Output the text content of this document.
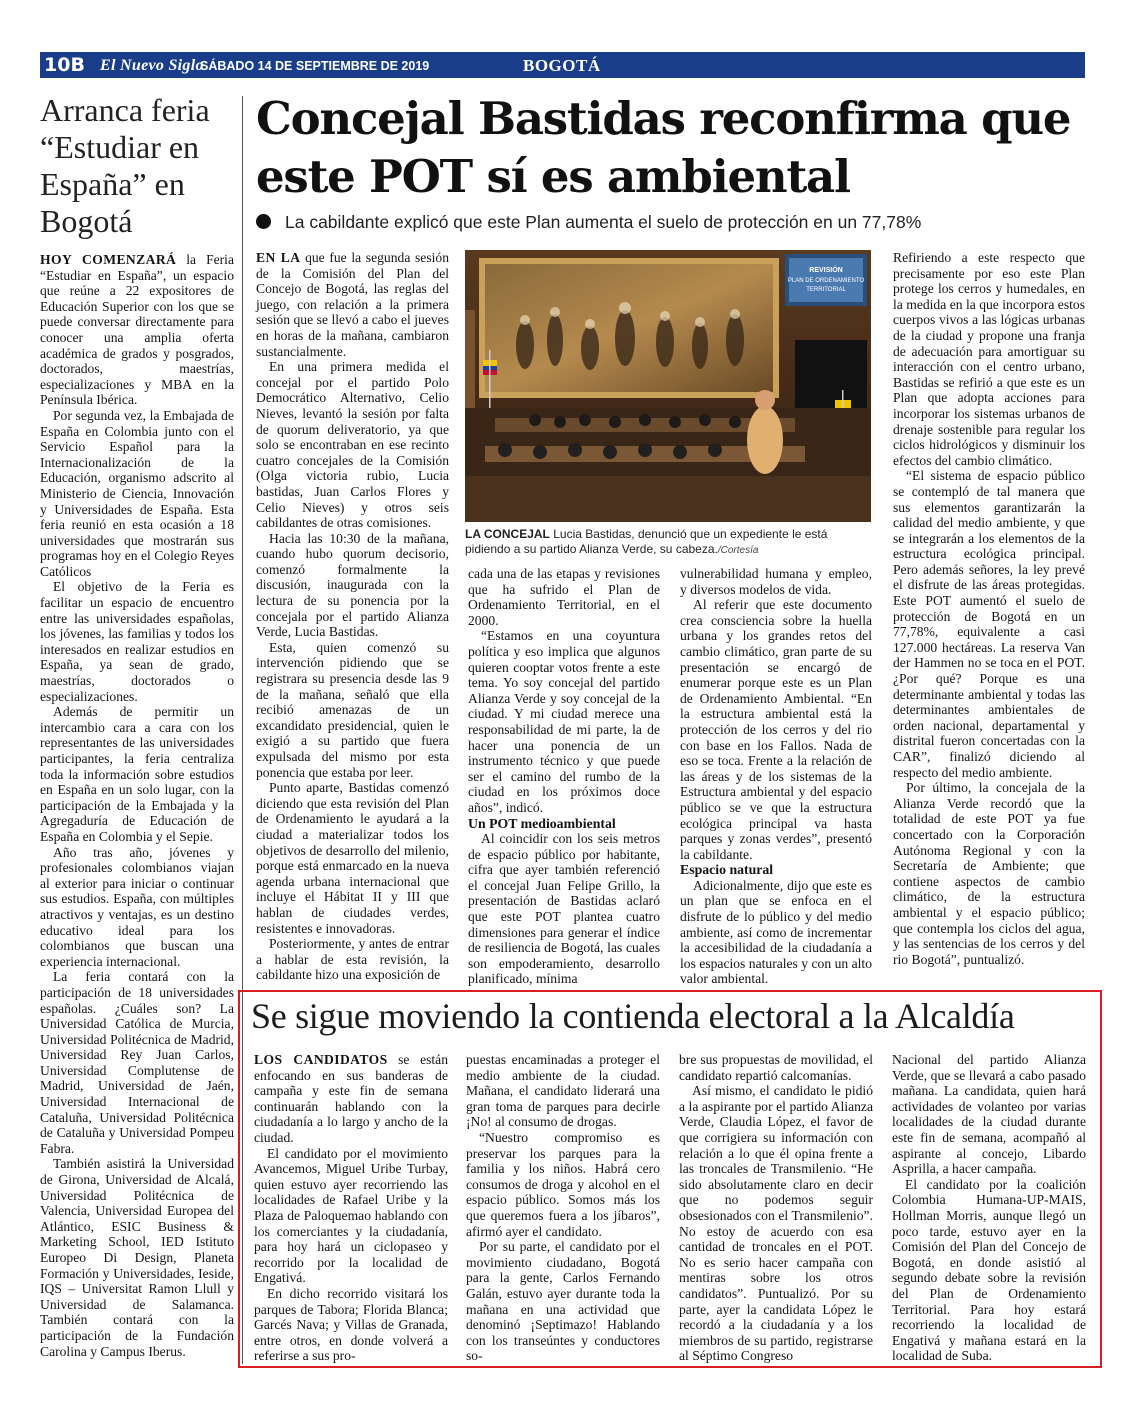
10B El Nuevo Siglo
SÁBADO 14 DE SEPTIEMBRE DE 2019	BOGOTÁ
Arranca feria “Estudiar en España” en Bogotá

HOY COMENZARÁ la Feria “Estudiar en España”, un espacio que reúne a 22 expositores de Educación Superior con los que se puede conversar directamente para conocer una amplia oferta académica de grados y posgrados, doctorados, maestrías, especializaciones y MBA en la Península Ibérica.

Por segunda vez, la Embajada de España en Colombia junto con el Servicio Español para la Internacionalización de la Educación, organismo adscrito al Ministerio de Ciencia, Innovación y Universidades de España. Esta feria reunió en esta ocasión a 18 universidades que mostrarán sus programas hoy en el Colegio Reyes Católicos

El objetivo de la Feria es facilitar un espacio de encuentro entre las universidades españolas, los jóvenes, las familias y todos los interesados en realizar estudios en España, ya sean de grado, maestrías, doctorados o especializaciones.

Además de permitir un intercambio cara a cara con los representantes de las universidades participantes, la feria centraliza toda la información sobre estudios en España en un solo lugar, con la participación de la Embajada y la Agregaduría de Educación de España en Colombia y el Sepie.

Año tras año, jóvenes y profesionales colombianos viajan al exterior para iniciar o continuar sus estudios. España, con múltiples atractivos y ventajas, es un destino educativo ideal para los colombianos que buscan una experiencia internacional.

La feria contará con la participación de 18 universidades españolas. ¿Cuáles son? La Universidad Católica de Murcia, Universidad Politécnica de Madrid, Universidad Rey Juan Carlos, Universidad Complutense de Madrid, Universidad de Jaén, Universidad Internacional de Cataluña, Universidad Politécnica de Cataluña y Universidad Pompeu Fabra.

También asistirá la Universidad de Girona, Universidad de Alcalá, Universidad Politécnica de Valencia, Universidad Europea del Atlántico, ESIC Business & Marketing School, IED Istituto Europeo Di Design, Planeta Formación y Universidades, Ieside, IQS – Universitat Ramon Llull y Universidad de Salamanca. También contará con la participación de la Fundación Carolina y Campus Iberus.

Concejal Bastidas reconfirma que este POT sí es ambiental
La cabildante explicó que este Plan aumenta el suelo de protección en un 77,78%

EN LA que fue la segunda sesión de la Comisión del Plan del Concejo de Bogotá, las reglas del juego, con relación a la primera sesión que se llevó a cabo el jueves en horas de la mañana, cambiaron sustancialmente.

En una primera medida el concejal por el partido Polo Democrático Alternativo, Celio Nieves, levantó la sesión por falta de quorum deliveratorio, ya que solo se encontraban en ese recinto cuatro concejales de la Comisión (Olga victoria rubio, Lucia bastidas, Juan Carlos Flores y Celio Nieves) y otros seis cabildantes de otras comisiones.

Hacia las 10:30 de la mañana, cuando hubo quorum decisorio, comenzó formalmente la discusión, inaugurada con la lectura de su ponencia por la concejala por el partido Alianza Verde, Lucia Bastidas.

Esta, quien comenzó su intervención pidiendo que se registrara su presencia desde las 9 de la mañana, señaló que ella recibió amenazas de un excandidato presidencial, quien le exigió a su partido que fuera expulsada del mismo por esta ponencia que estaba por leer.

Punto aparte, Bastidas comenzó diciendo que esta revisión del Plan de Ordenamiento le ayudará a la ciudad a materializar todos los objetivos de desarrollo del milenio, porque está enmarcado en la nueva agenda urbana internacional que incluye el Hábitat II y III que hablan de ciudades verdes, resistentes e innovadoras.

Posteriormente, y antes de entrar a hablar de esta revisión, la cabildante hizo una exposición de

REVISIÓN
PLAN DE ORDENAMIENTO
TERRITORIAL
LA CONCEJAL Lucia Bastidas, denunció que un expediente le está pidiendo a su partido Alianza Verde, su cabeza./Cortesía

cada una de las etapas y revisiones que ha sufrido el Plan de Ordenamiento Territorial, en el 2000.

“Estamos en una coyuntura política y eso implica que algunos quieren cooptar votos frente a este tema. Yo soy concejal del partido Alianza Verde y soy concejal de la ciudad. Y mi ciudad merece una responsabilidad de mi parte, la de hacer una ponencia de un instrumento técnico y que puede ser el camino del rumbo de la ciudad en los próximos doce años”, indicó.

Un POT medioambiental

Al coincidir con los seis metros de espacio público por habitante, cifra que ayer también referenció el concejal Juan Felipe Grillo, la presentación de Bastidas aclaró que este POT plantea cuatro dimensiones para generar el índice de resiliencia de Bogotá, las cuales son empoderamiento, desarrollo planificado, mínima

vulnerabilidad humana y empleo, y diversos modelos de vida.

Al referir que este documento crea consciencia sobre la huella urbana y los grandes retos del cambio climático, gran parte de su presentación se encargó de enumerar porque este es un Plan de Ordenamiento Ambiental. “En la estructura ambiental está la protección de los cerros y del rio con base en los Fallos. Nada de eso se toca. Frente a la relación de las áreas y de los sistemas de la Estructura ambiental y del espacio público se ve que la estructura ecológica principal va hasta parques y zonas verdes”, presentó la cabildante.

Espacio natural

Adicionalmente, dijo que este es un plan que se enfoca en el disfrute de lo público y del medio ambiente, así como de incrementar la accesibilidad de la ciudadanía a los espacios naturales y con un alto valor ambiental.

Refiriendo a este respecto que precisamente por eso este Plan protege los cerros y humedales, en la medida en la que incorpora estos cuerpos vivos a las lógicas urbanas de la ciudad y propone una franja de adecuación para amortiguar su interacción con el centro urbano, Bastidas se refirió a que este es un Plan que adopta acciones para incorporar los sistemas urbanos de drenaje sostenible para regular los ciclos hidrológicos y disminuir los efectos del cambio climático.

“El sistema de espacio público se contempló de tal manera que sus elementos garantizarán la calidad del medio ambiente, y que se integrarán a los elementos de la estructura ecológica principal. Pero además señores, la ley prevé el disfrute de las áreas protegidas. Este POT aumentó el suelo de protección de Bogotá en un 77,78%, equivalente a casi 127.000 hectáreas. La reserva Van der Hammen no se toca en el POT. ¿Por qué? Porque es una determinante ambiental y todas las determinantes ambientales de orden nacional, departamental y distrital fueron concertadas con la CAR”, finalizó diciendo al respecto del medio ambiente.

Por último, la concejala de la Alianza Verde recordó que la totalidad de este POT ya fue concertado con la Corporación Autónoma Regional y con la Secretaría de Ambiente; que contiene aspectos de cambio climático, de la estructura ambiental y el espacio público; que contempla los ciclos del agua, y las sentencias de los cerros y del rio Bogotá”, puntualizó.

Se sigue moviendo la contienda electoral a la Alcaldía

LOS CANDIDATOS se están enfocando en sus banderas de campaña y este fin de semana continuarán hablando con la ciudadanía a lo largo y ancho de la ciudad.

El candidato por el movimiento Avancemos, Miguel Uribe Turbay, quien estuvo ayer recorriendo las localidades de Rafael Uribe y la Plaza de Paloquemao hablando con los comerciantes y la ciudadanía, para hoy hará un ciclopaseo y recorrido por la localidad de Engativá.

En dicho recorrido visitará los parques de Tabora; Florida Blanca; Garcés Nava; y Villas de Granada, entre otros, en donde volverá a referirse a sus pro-

puestas encaminadas a proteger el medio ambiente de la ciudad. Mañana, el candidato liderará una gran toma de parques para decirle ¡No! al consumo de drogas.

“Nuestro compromiso es preservar los parques para la familia y los niños. Habrá cero consumos de droga y alcohol en el espacio público. Somos más los que queremos fuera a los jíbaros”, afirmó ayer el candidato.

Por su parte, el candidato por el movimiento ciudadano, Bogotá para la gente, Carlos Fernando Galán, estuvo ayer durante toda la mañana en una actividad que denominó ¡Septimazo! Hablando con los transeúntes y conductores so-

bre sus propuestas de movilidad, el candidato repartió calcomanías.

Así mismo, el candidato le pidió a la aspirante por el partido Alianza Verde, Claudia López, el favor de que corrigiera su información con relación a lo que él opina frente a las troncales de Transmilenio. “He sido absolutamente claro en decir que no podemos seguir obsesionados con el Transmilenio”. No estoy de acuerdo con esa cantidad de troncales en el POT. No es serio hacer campaña con mentiras sobre los otros candidatos”. Puntualizó. Por su parte, ayer la candidata López le recordó a la ciudadanía y a los miembros de su partido, registrarse al Séptimo Congreso

Nacional del partido Alianza Verde, que se llevará a cabo pasado mañana. La candidata, quien hará actividades de volanteo por varias localidades de la ciudad durante este fin de semana, acompañó al aspirante al concejo, Libardo Asprilla, a hacer campaña.

El candidato por la coalición Colombia Humana-UP-MAIS, Hollman Morris, aunque llegó un poco tarde, estuvo ayer en la Comisión del Plan del Concejo de Bogotá, en donde asistió al segundo debate sobre la revisión del Plan de Ordenamiento Territorial. Para hoy estará recorriendo la localidad de Engativá y mañana estará en la localidad de Suba.
